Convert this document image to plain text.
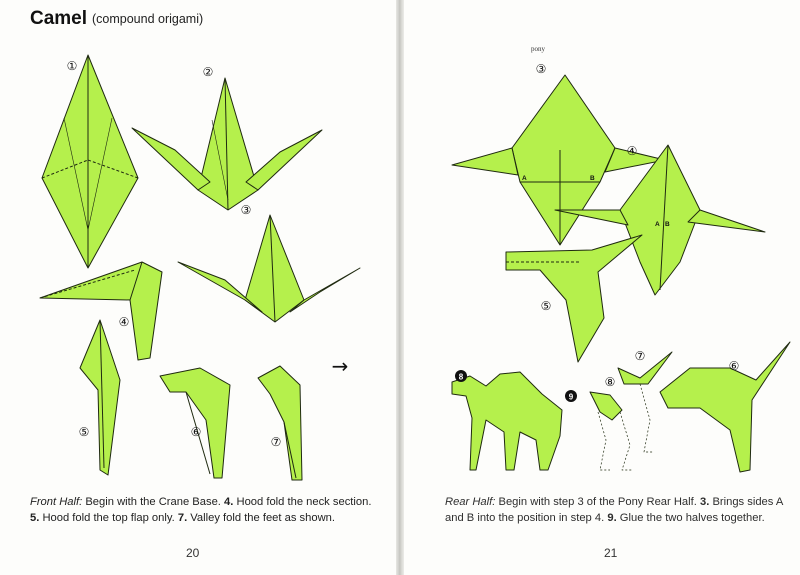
Camel (compound origami)
①	②
③
④
⑤	⑥
⑦
→
pony
③
④
⑤
⑥
⑦
⑧
8
9
A	B
A B
Front Half: Begin with the Crane Base. 4. Hood fold the neck section. 5. Hood fold the top flap only. 7. Valley fold the feet as shown.
20
Rear Half: Begin with step 3 of the Pony Rear Half. 3. Brings sides A and B into the position in step 4. 9. Glue the two halves together.
21
